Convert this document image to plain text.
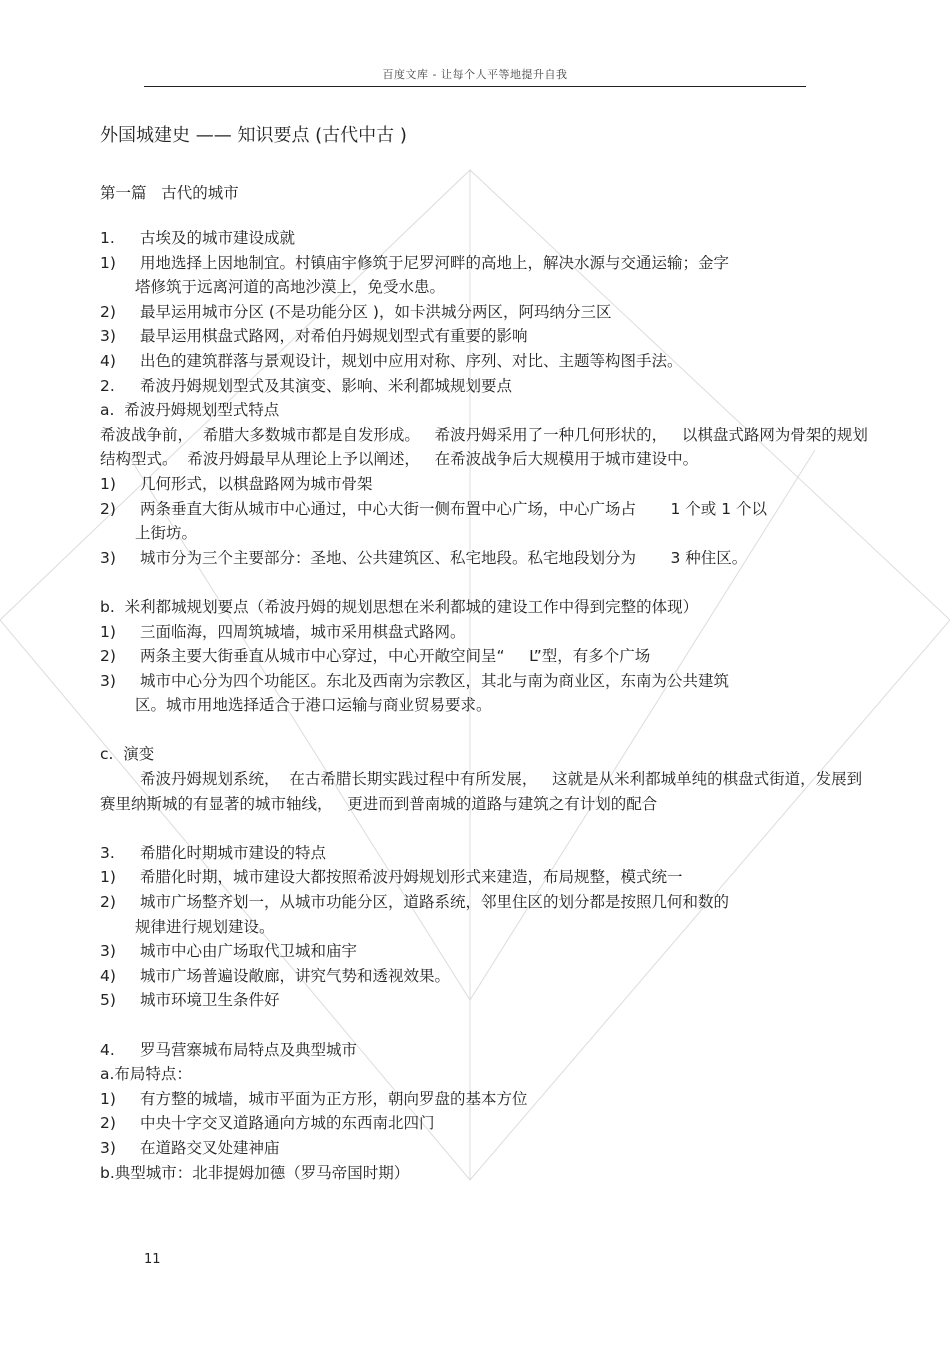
百度文库 - 让每个人平等地提升自我
外国城建史 —— 知识要点 (古代中古 )
第一篇   古代的城市
1.	古埃及的城市建设成就
1)	用地选择上因地制宜。村镇庙宇修筑于尼罗河畔的高地上，解决水源与交通运输；金字
塔修筑于远离河道的高地沙漠上，免受水患。
2)	最早运用城市分区 (不是功能分区 )，如卡洪城分两区，阿玛纳分三区
3)	最早运用棋盘式路网，对希伯丹姆规划型式有重要的影响
4)	出色的建筑群落与景观设计，规划中应用对称、序列、对比、主题等构图手法。
2.	希波丹姆规划型式及其演变、影响、米利都城规划要点

a.  希波丹姆规划型式特点

希波战争前，  希腊大多数城市都是自发形成。   希波丹姆采用了一种几何形状的，   以棋盘式路网为骨架的规划结构型式。  希波丹姆最早从理论上予以阐述，   在希波战争后大规模用于城市建设中。

1)	几何形式，以棋盘路网为城市骨架
2)	两条垂直大街从城市中心通过，中心大街一侧布置中心广场，中心广场占       1 个或 1 个以
上街坊。
3)	城市分为三个主要部分：圣地、公共建筑区、私宅地段。私宅地段划分为       3 种住区。

b.  米利都城规划要点（希波丹姆的规划思想在米利都城的建设工作中得到完整的体现）

1)	三面临海，四周筑城墙，城市采用棋盘式路网。
2)	两条主要大街垂直从城市中心穿过，中心开敞空间呈“     L”型，有多个广场
3)	城市中心分为四个功能区。东北及西南为宗教区，其北与南为商业区，东南为公共建筑
区。城市用地选择适合于港口运输与商业贸易要求。

c.  演变

希波丹姆规划系统，  在古希腊长期实践过程中有所发展，   这就是从米利都城单纯的棋盘式街道，发展到赛里纳斯城的有显著的城市轴线，   更进而到普南城的道路与建筑之有计划的配合

3.	希腊化时期城市建设的特点
1)	希腊化时期，城市建设大都按照希波丹姆规划形式来建造，布局规整，模式统一
2)	城市广场整齐划一，从城市功能分区，道路系统，邻里住区的划分都是按照几何和数的
规律进行规划建设。
3)	城市中心由广场取代卫城和庙宇
4)	城市广场普遍设敞廊，讲究气势和透视效果。
5)	城市环境卫生条件好
4.	罗马营寨城布局特点及典型城市

a.布局特点：

1)	有方整的城墙，城市平面为正方形，朝向罗盘的基本方位
2)	中央十字交叉道路通向方城的东西南北四门
3)	在道路交叉处建神庙

b.典型城市：北非提姆加德（罗马帝国时期）

11
